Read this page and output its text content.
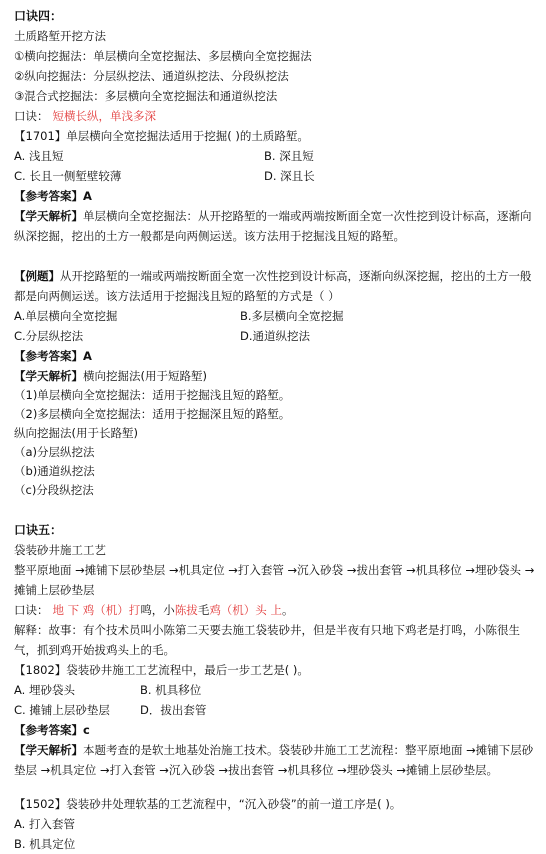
口诀四：
土质路堑开挖方法
①横向挖掘法：单层横向全宽挖掘法、多层横向全宽挖掘法
②纵向挖掘法：分层纵挖法、通道纵挖法、分段纵挖法
③混合式挖掘法：多层横向全宽挖掘法和通道纵挖法
口诀： 短横长纵，单浅多深
【1701】单层横向全宽挖掘法适用于挖掘( )的土质路堑。
A. 浅且短	B. 深且短
C. 长且一侧堑壁较薄	D. 深且长
【参考答案】A
【学天解析】单层横向全宽挖掘法：从开挖路堑的一端或两端按断面全宽一次性挖到设计标高，逐渐向纵深挖掘，挖出的土方一般都是向两侧运送。该方法用于挖掘浅且短的路堑。
【例题】从开挖路堑的一端或两端按断面全宽一次性挖到设计标高，逐渐向纵深挖掘，挖出的土方一般都是向两侧运送。该方法适用于挖掘浅且短的路堑的方式是（ ）
A.单层横向全宽挖掘	B.多层横向全宽挖掘
C.分层纵挖法	D.通道纵挖法
【参考答案】A
【学天解析】横向挖掘法(用于短路堑)
（1)单层横向全宽挖掘法：适用于挖掘浅且短的路堑。
（2)多层横向全宽挖掘法：适用于挖掘深且短的路堑。
纵向挖掘法(用于长路堑)
（a)分层纵挖法
（b)通道纵挖法
（c)分段纵挖法
口诀五：
袋装砂井施工工艺
整平原地面 →摊铺下层砂垫层 →机具定位 →打入套管 →沉入砂袋 →拔出套管 →机具移位 →埋砂袋头 →摊铺上层砂垫层
口诀： 地 下 鸡（机）打鸣，小陈拔毛鸡（机）头 上。
解释：故事：有个技术员叫小陈第二天要去施工袋装砂井，但是半夜有只地下鸡老是打鸣，小陈很生气，抓到鸡开始拔鸡头上的毛。
【1802】袋装砂井施工工艺流程中，最后一步工艺是( )。
A. 埋砂袋头	B. 机具移位
C. 摊铺上层砂垫层	D．拔出套管
【参考答案】c
【学天解析】本题考查的是软土地基处治施工技术。袋装砂井施工工艺流程：整平原地面 →摊铺下层砂垫层 →机具定位 →打入套管 →沉入砂袋 →拔出套管 →机具移位 →埋砂袋头 →摊铺上层砂垫层。
【1502】袋装砂井处理软基的工艺流程中，“沉入砂袋”的前一道工序是( )。
A. 打入套管
B. 机具定位
